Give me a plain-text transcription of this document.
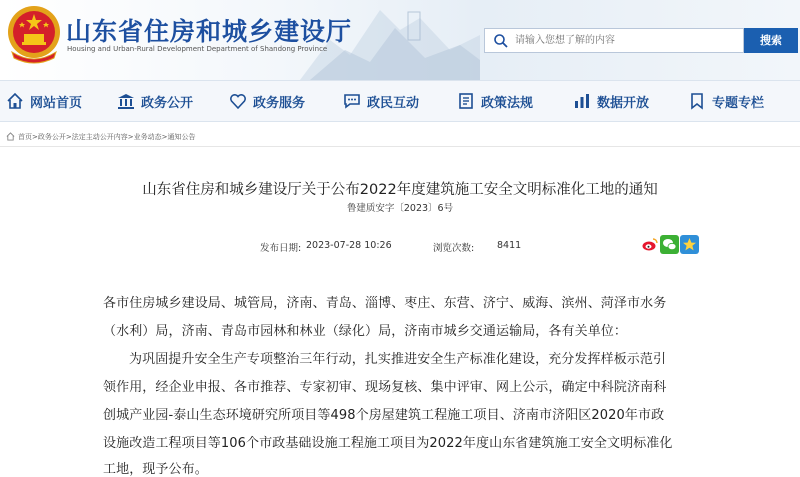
山东省住房和城乡建设厅
Housing and Urban-Rural Development Department of Shandong Province
请输入您想了解的内容
搜索
网站首页	政务公开	政务服务	政民互动	政策法规	数据开放	专题专栏
首页 > 政务公开 > 法定主动公开内容 > 业务动态 > 通知公告
山东省住房和城乡建设厅关于公布2022年度建筑施工安全文明标准化工地的通知
鲁建质安字〔2023〕6号
发布日期: 2023-07-28 10:26	浏览次数: 8411
各市住房城乡建设局、城管局，济南、青岛、淄博、枣庄、东营、济宁、威海、滨州、菏泽市水务
（水利）局，济南、青岛市园林和林业（绿化）局，济南市城乡交通运输局，各有关单位：
为巩固提升安全生产专项整治三年行动，扎实推进安全生产标准化建设，充分发挥样板示范引
领作用，经企业申报、各市推荐、专家初审、现场复核、集中评审、网上公示，确定中科院济南科
创城产业园-泰山生态环境研究所项目等498个房屋建筑工程施工项目、济南市济阳区2020年市政
设施改造工程项目等106个市政基础设施工程施工项目为2022年度山东省建筑施工安全文明标准化
工地，现予公布。
